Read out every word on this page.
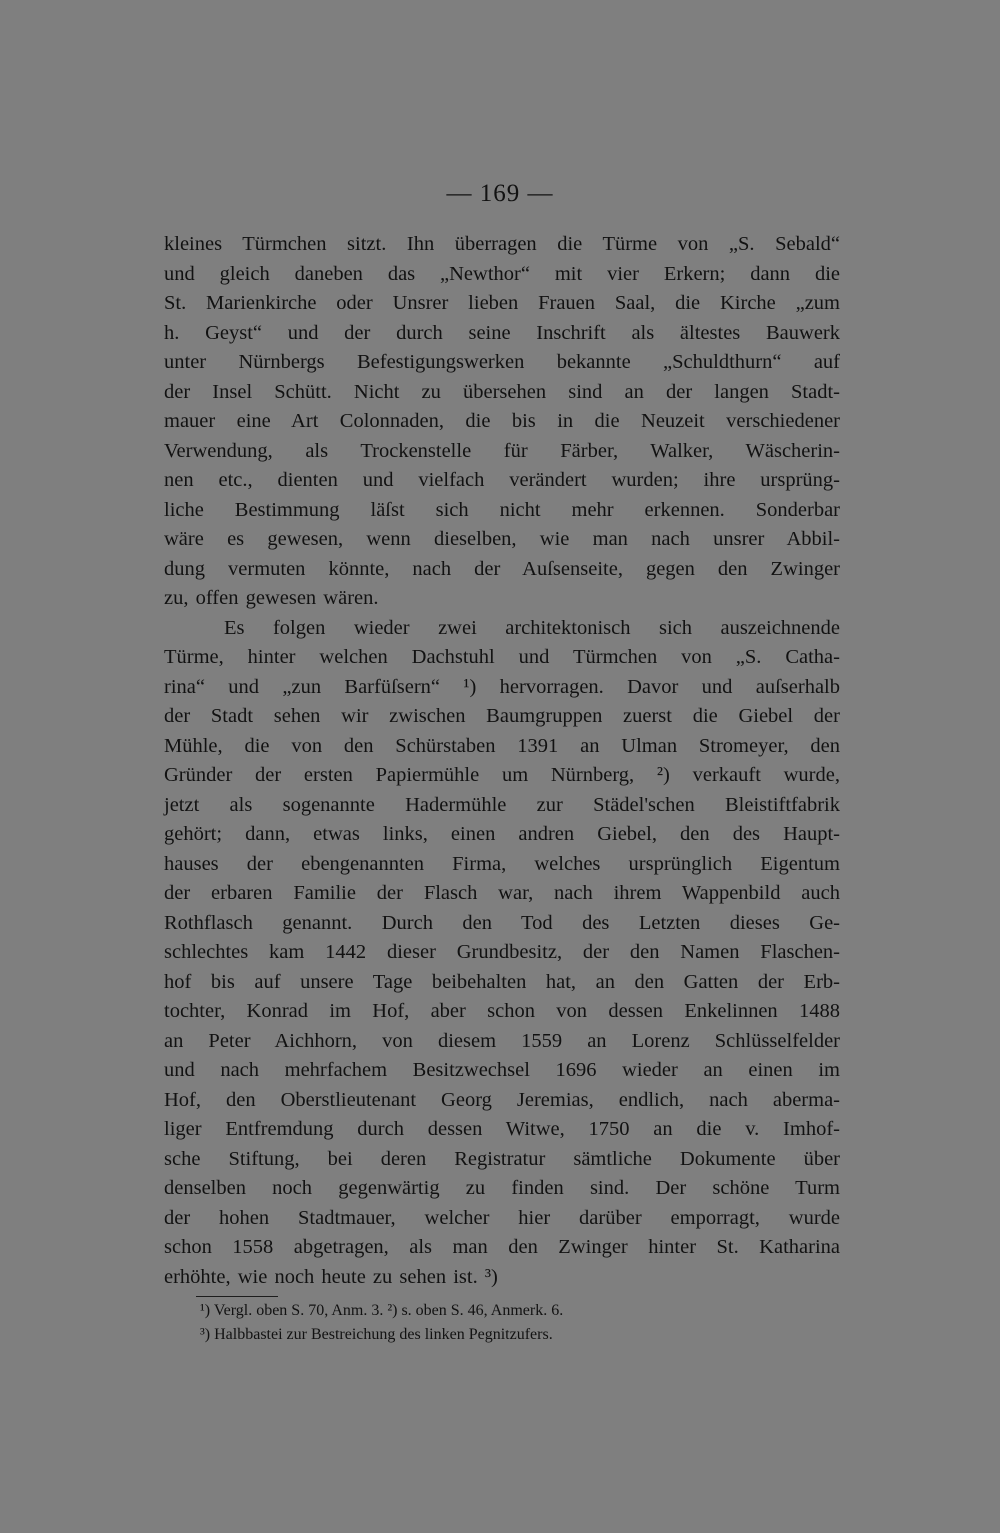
— 169 —
kleines Türmchen sitzt. Ihn überragen die Türme von „S. Sebald“
und gleich daneben das „Newthor“ mit vier Erkern; dann die
St. Marienkirche oder Unsrer lieben Frauen Saal, die Kirche „zum
h. Geyst“ und der durch seine Inschrift als ältestes Bauwerk
unter Nürnbergs Befestigungswerken bekannte „Schuldthurn“ auf
der Insel Schütt. Nicht zu übersehen sind an der langen Stadt-
mauer eine Art Colonnaden, die bis in die Neuzeit verschiedener
Verwendung, als Trockenstelle für Färber, Walker, Wäscherin-
nen etc., dienten und vielfach verändert wurden; ihre ursprüng-
liche Bestimmung läſst sich nicht mehr erkennen. Sonderbar
wäre es gewesen, wenn dieselben, wie man nach unsrer Abbil-
dung vermuten könnte, nach der Auſsenseite, gegen den Zwinger
zu, offen gewesen wären.
Es folgen wieder zwei architektonisch sich auszeichnende
Türme, hinter welchen Dachstuhl und Türmchen von „S. Catha-
rina“ und „zun Barfüſsern“ ¹) hervorragen. Davor und auſserhalb
der Stadt sehen wir zwischen Baumgruppen zuerst die Giebel der
Mühle, die von den Schürstaben 1391 an Ulman Stromeyer, den
Gründer der ersten Papiermühle um Nürnberg, ²) verkauft wurde,
jetzt als sogenannte Hadermühle zur Städel'schen Bleistiftfabrik
gehört; dann, etwas links, einen andren Giebel, den des Haupt-
hauses der ebengenannten Firma, welches ursprünglich Eigentum
der erbaren Familie der Flasch war, nach ihrem Wappenbild auch
Rothflasch genannt. Durch den Tod des Letzten dieses Ge-
schlechtes kam 1442 dieser Grundbesitz, der den Namen Flaschen-
hof bis auf unsere Tage beibehalten hat, an den Gatten der Erb-
tochter, Konrad im Hof, aber schon von dessen Enkelinnen 1488
an Peter Aichhorn, von diesem 1559 an Lorenz Schlüsselfelder
und nach mehrfachem Besitzwechsel 1696 wieder an einen im
Hof, den Oberstlieutenant Georg Jeremias, endlich, nach aberma-
liger Entfremdung durch dessen Witwe, 1750 an die v. Imhof-
sche Stiftung, bei deren Registratur sämtliche Dokumente über
denselben noch gegenwärtig zu finden sind. Der schöne Turm
der hohen Stadtmauer, welcher hier darüber emporragt, wurde
schon 1558 abgetragen, als man den Zwinger hinter St. Katharina
erhöhte, wie noch heute zu sehen ist. ³)
¹) Vergl. oben S. 70, Anm. 3. ²) s. oben S. 46, Anmerk. 6.
³) Halbbastei zur Bestreichung des linken Pegnitzufers.
